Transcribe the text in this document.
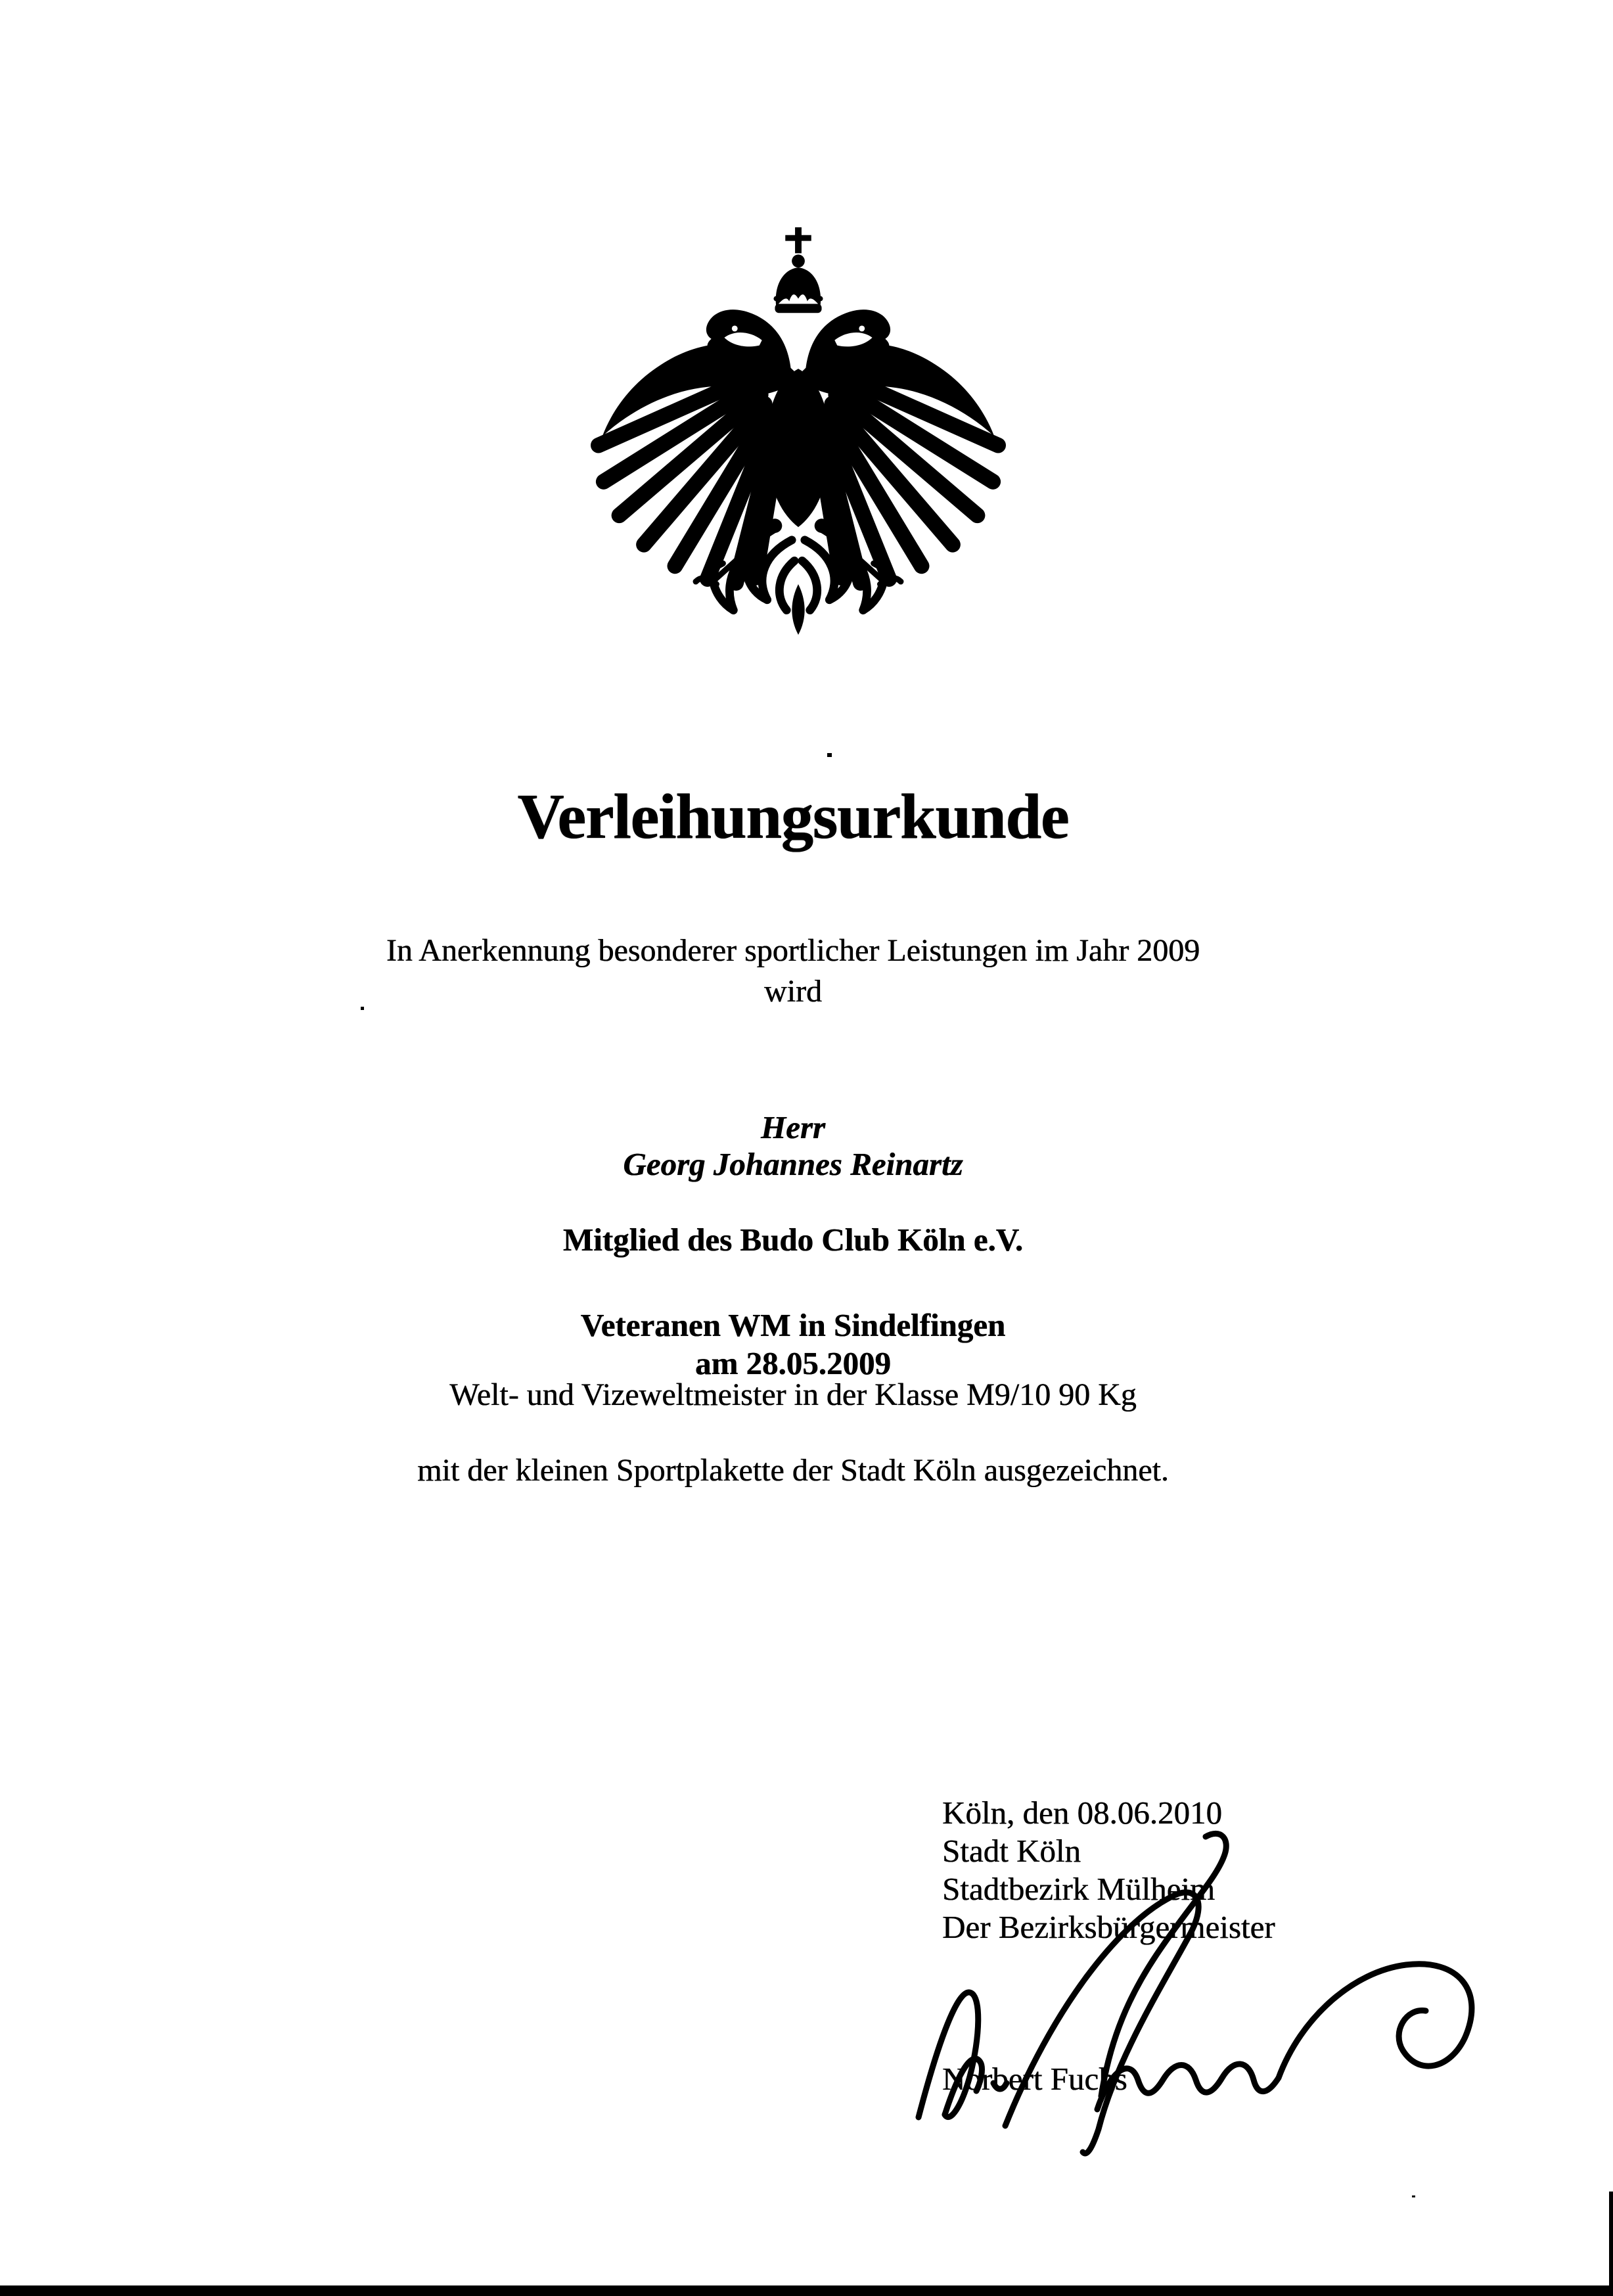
Verleihungsurkunde
In Anerkennung besonderer sportlicher Leistungen im Jahr 2009
wird
Herr
Georg Johannes Reinartz
Mitglied des Budo Club Köln e.V.
Veteranen WM in Sindelfingen
am 28.05.2009
Welt- und Vizeweltmeister in der Klasse M9/10 90 Kg
mit der kleinen Sportplakette der Stadt Köln ausgezeichnet.
Köln, den 08.06.2010
Stadt Köln
Stadtbezirk Mülheim
Der Bezirksbürgermeister
Norbert Fuchs
